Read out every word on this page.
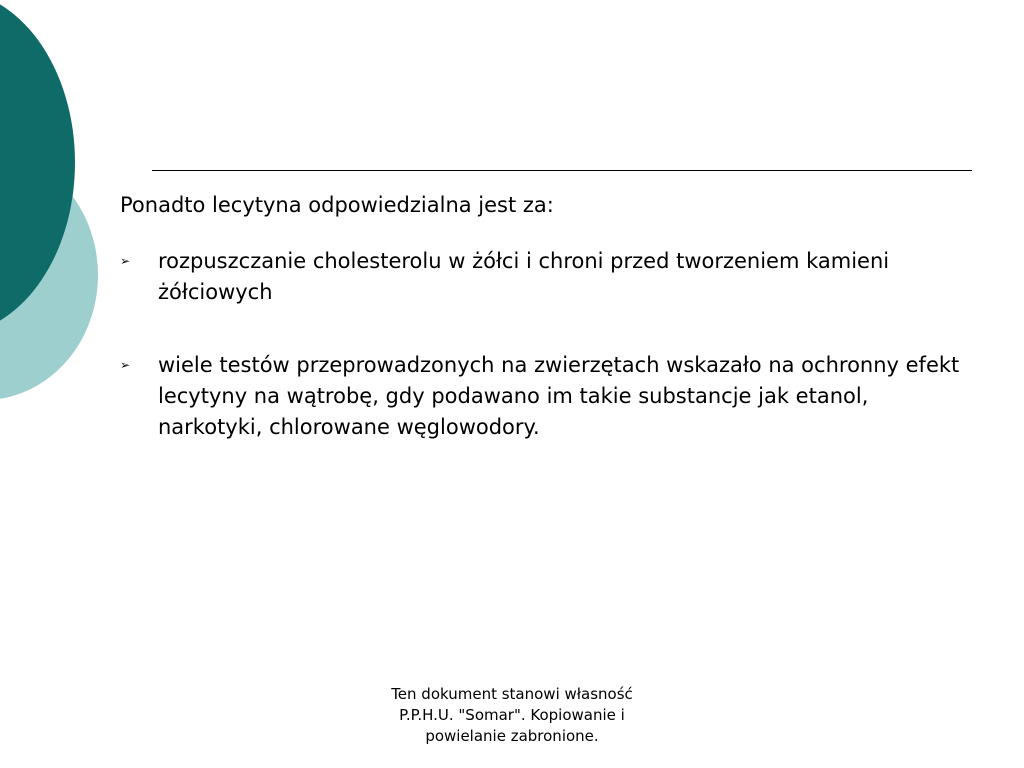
Ponadto lecytyna odpowiedzialna jest za:

➢ rozpuszczanie cholesterolu w żółci i chroni przed tworzeniem kamieni żółciowych
➢ wiele testów przeprowadzonych na zwierzętach wskazało na ochronny efekt lecytyny na wątrobę, gdy podawano im takie substancje jak etanol, narkotyki, chlorowane węglowodory.
Ten dokument stanowi własność
P.P.H.U. "Somar". Kopiowanie i
powielanie zabronione.
